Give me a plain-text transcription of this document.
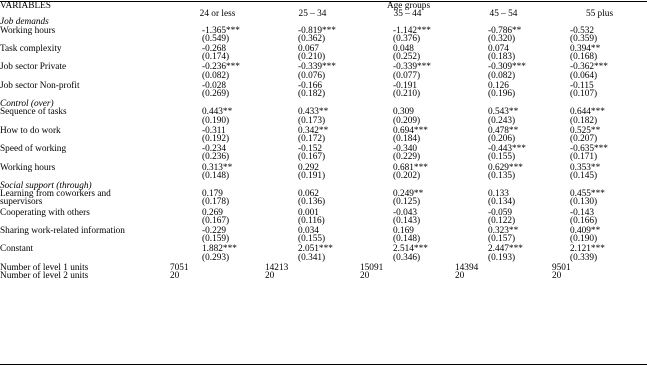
VARIABLES	Age groups				
	24 or less	25 – 34	35 – 44	45 – 54	55 plus
Job demands					
Working hours	-1.365***	-0.819***	-1.142***	-0.786**	-0.532
	(0.549)	(0.362)	(0.376)	(0.320)	(0.359)

Task complexity	-0.268	0.067	0.048	0.074	0.394**
	(0.174)	(0.210)	(0.252)	(0.183)	(0.168)

Job sector Private	-0.236***	-0.339***	-0.339***	-0.309***	-0.362***
	(0.082)	(0.076)	(0.077)	(0.082)	(0.064)

Job sector Non-profit	-0.028	-0.166	-0.191	0.126	-0.115
	(0.269)	(0.182)	(0.210)	(0.196)	(0.107)

Control (over)					
Sequence of tasks	0.443**	0.433**	0.309	0.543**	0.644***
	(0.190)	(0.173)	(0.209)	(0.243)	(0.182)

How to do work	-0.311	0.342**	0.694***	0.478**	0.525**
	(0.192)	(0.172)	(0.184)	(0.206)	(0.207)

Speed of working	-0.234	-0.152	-0.340	-0.443***	-0.635***
	(0.236)	(0.167)	(0.229)	(0.155)	(0.171)

Working hours	0.313**	0.292	0.681***	0.629***	0.353**
	(0.148)	(0.191)	(0.202)	(0.135)	(0.145)

Social support (through)					
Learning from coworkers and	0.179	0.062	0.249**	0.133	0.455***
supervisors	(0.178)	(0.136)	(0.125)	(0.134)	(0.130)

Cooperating with others	0.269	0.001	-0.043	-0.059	-0.143
	(0.167)	(0.116)	(0.143)	(0.122)	(0.166)

Sharing work-related information	-0.229	0.034	0.169	0.323**	0.409**
	(0.159)	(0.155)	(0.148)	(0.157)	(0.190)

Constant	1.882***	2.051***	2.514***	2.447***	2.121***
	(0.293)	(0.341)	(0.346)	(0.193)	(0.339)

Number of level 1 units	7051	14213	15091	14394	9501
Number of level 2 units	20	20	20	20	20
